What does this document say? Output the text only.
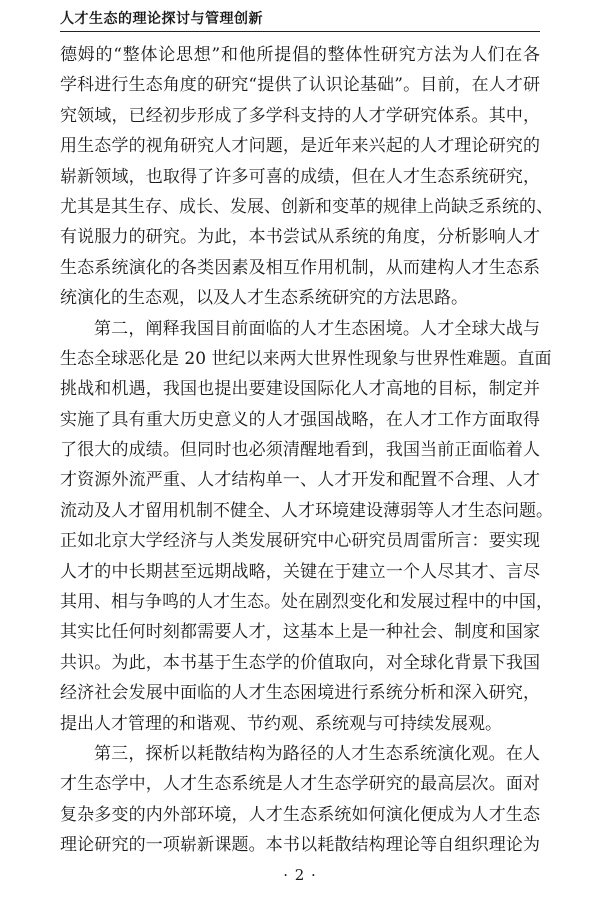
人才生态的理论探讨与管理创新
德姆的“整体论思想”和他所提倡的整体性研究方法为人们在各
学科进行生态角度的研究“提供了认识论基础”。目前，在人才研
究领域，已经初步形成了多学科支持的人才学研究体系。其中，
用生态学的视角研究人才问题，是近年来兴起的人才理论研究的
崭新领域，也取得了许多可喜的成绩，但在人才生态系统研究，
尤其是其生存、成长、发展、创新和变革的规律上尚缺乏系统的、
有说服力的研究。为此，本书尝试从系统的角度，分析影响人才
生态系统演化的各类因素及相互作用机制，从而建构人才生态系
统演化的生态观，以及人才生态系统研究的方法思路。
第二，阐释我国目前面临的人才生态困境。人才全球大战与
生态全球恶化是 20 世纪以来两大世界性现象与世界性难题。直面
挑战和机遇，我国也提出要建设国际化人才高地的目标，制定并
实施了具有重大历史意义的人才强国战略，在人才工作方面取得
了很大的成绩。但同时也必须清醒地看到，我国当前正面临着人
才资源外流严重、人才结构单一、人才开发和配置不合理、人才
流动及人才留用机制不健全、人才环境建设薄弱等人才生态问题。
正如北京大学经济与人类发展研究中心研究员周雷所言：要实现
人才的中长期甚至远期战略，关键在于建立一个人尽其才、言尽
其用、相与争鸣的人才生态。处在剧烈变化和发展过程中的中国，
其实比任何时刻都需要人才，这基本上是一种社会、制度和国家
共识。为此，本书基于生态学的价值取向，对全球化背景下我国
经济社会发展中面临的人才生态困境进行系统分析和深入研究，
提出人才管理的和谐观、节约观、系统观与可持续发展观。
第三，探析以耗散结构为路径的人才生态系统演化观。在人
才生态学中，人才生态系统是人才生态学研究的最高层次。面对
复杂多变的内外部环境，人才生态系统如何演化便成为人才生态
理论研究的一项崭新课题。本书以耗散结构理论等自组织理论为
· 2 ·
